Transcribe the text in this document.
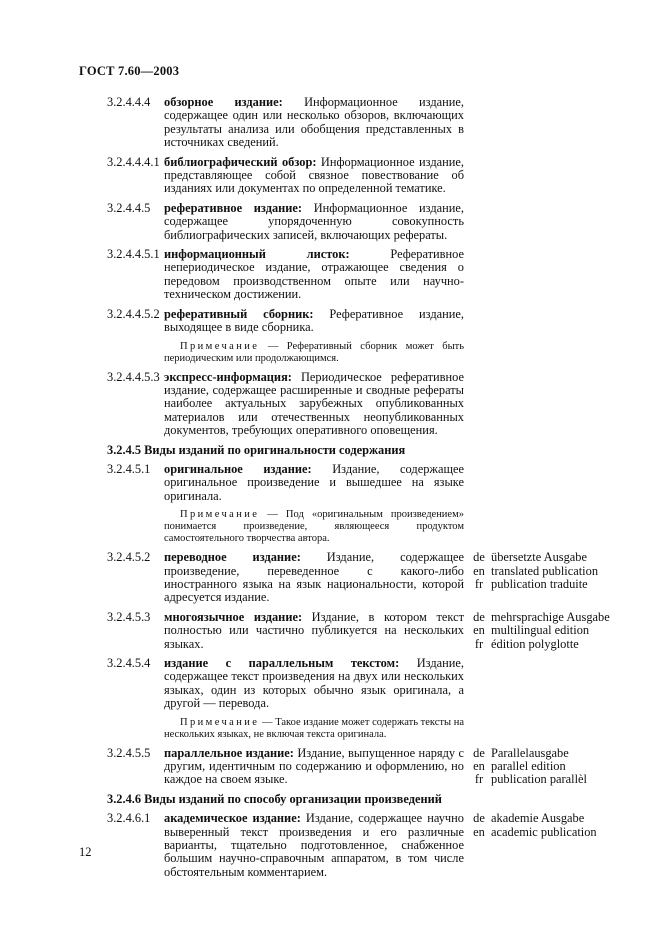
ГОСТ 7.60—2003
3.2.4.4.4 обзорное издание: Информационное издание, содержащее один или несколько обзоров, включающих результаты анализа или обобщения представленных в источниках сведений.
3.2.4.4.4.1 библиографический обзор: Информационное издание, представляющее собой связное повествование об изданиях или документах по определенной тематике.
3.2.4.4.5 реферативное издание: Информационное издание, содержащее упорядоченную совокупность библиографических записей, включающих рефераты.
3.2.4.4.5.1 информационный листок: Реферативное непериодическое издание, отражающее сведения о передовом производственном опыте или научно-техническом достижении.
3.2.4.4.5.2 реферативный сборник: Реферативное издание, выходящее в виде сборника.
Примечание — Реферативный сборник может быть периодическим или продолжающимся.
3.2.4.4.5.3 экспресс-информация: Периодическое реферативное издание, содержащее расширенные и сводные рефераты наиболее актуальных зарубежных опубликованных материалов или отечественных неопубликованных документов, требующих оперативного оповещения.
3.2.4.5 Виды изданий по оригинальности содержания
3.2.4.5.1 оригинальное издание: Издание, содержащее оригинальное произведение и вышедшее на языке оригинала.
Примечание — Под «оригинальным произведением» понимается произведение, являющееся продуктом самостоятельного творчества автора.
3.2.4.5.2 переводное издание: Издание, содержащее произведение, переведенное с какого-либо иностранного языка на язык национальности, которой адресуется издание.
de übersetzte Ausgabe
en translated publication
fr publication traduite
3.2.4.5.3 многоязычное издание: Издание, в котором текст полностью или частично публикуется на нескольких языках.
de mehrsprachige Ausgabe
en multilingual edition
fr édition polyglotte
3.2.4.5.4 издание с параллельным текстом: Издание, содержащее текст произведения на двух или нескольких языках, один из которых обычно язык оригинала, а другой — перевода.
Примечание — Такое издание может содержать тексты на нескольких языках, не включая текста оригинала.
3.2.4.5.5 параллельное издание: Издание, выпущенное наряду с другим, идентичным по содержанию и оформлению, но каждое на своем языке.
de Parallelausgabe
en parallel edition
fr publication parallèl
3.2.4.6 Виды изданий по способу организации произведений
3.2.4.6.1 академическое издание: Издание, содержащее научно выверенный текст произведения и его различные варианты, тщательно подготовленное, снабженное большим научно-справочным аппаратом, в том числе обстоятельным комментарием.
de akademie Ausgabe
en academic publication
12
